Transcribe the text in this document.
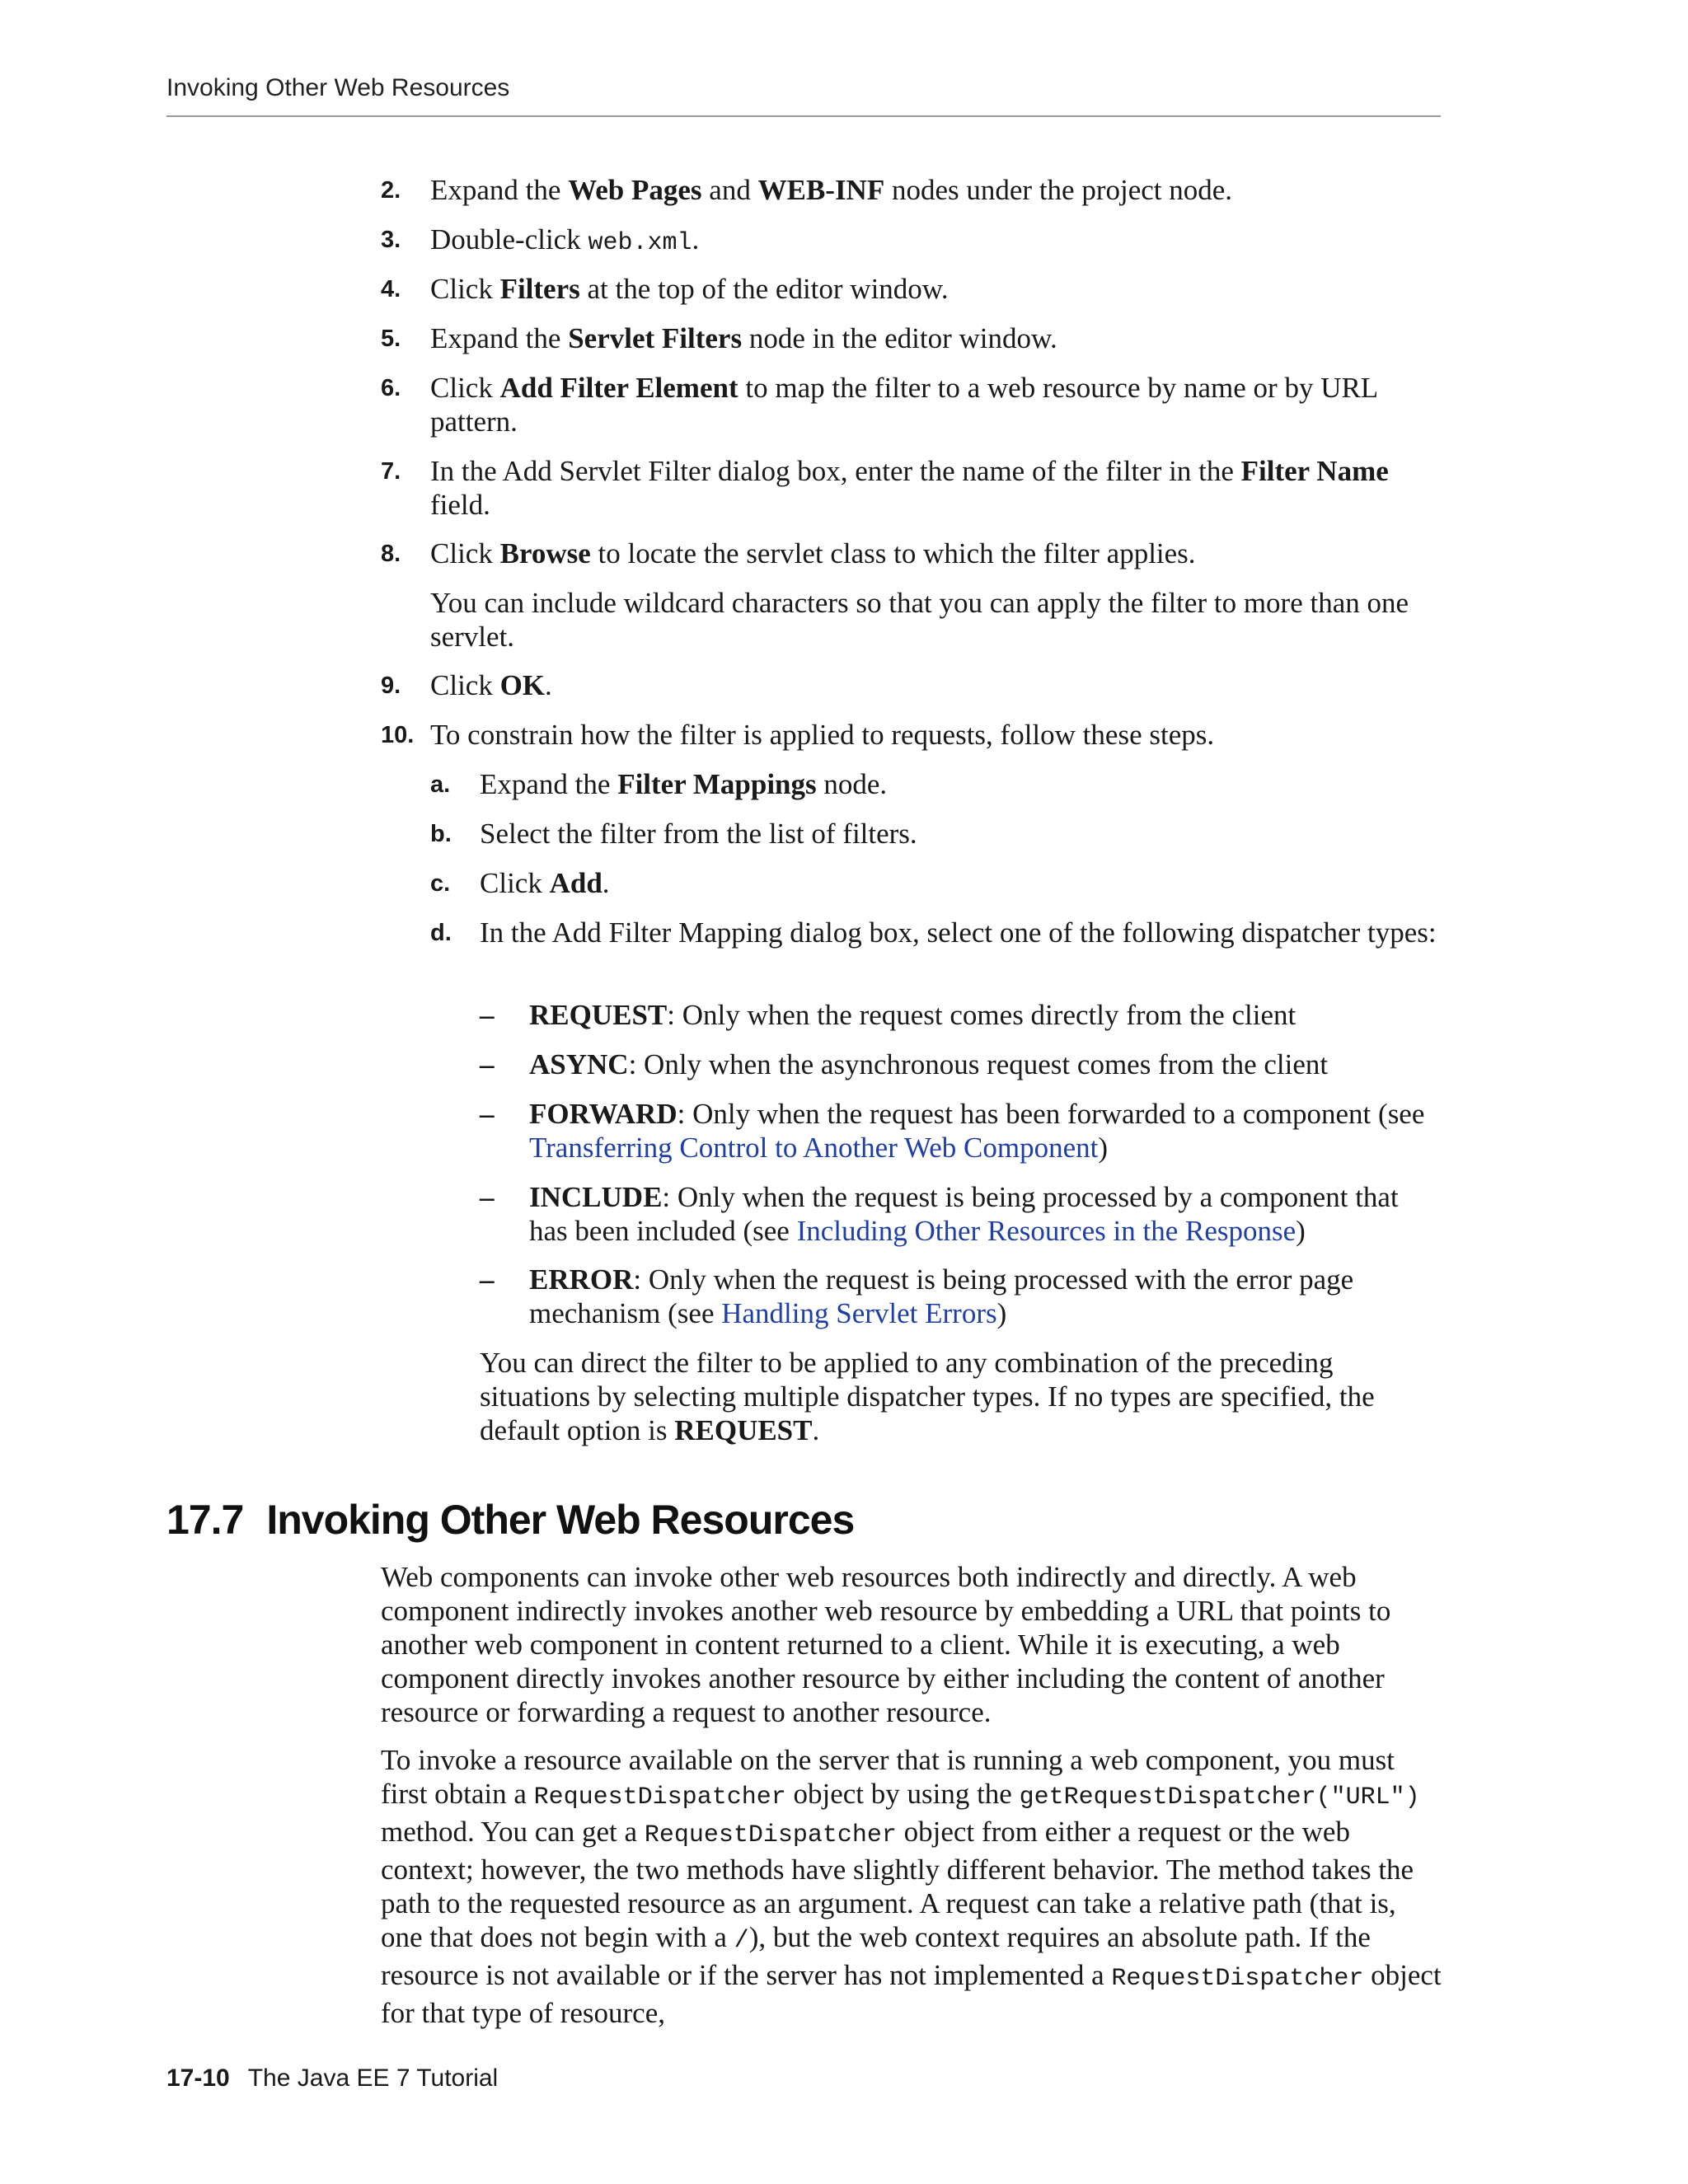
Invoking Other Web Resources
2. Expand the Web Pages and WEB-INF nodes under the project node.
3. Double-click web.xml.
4. Click Filters at the top of the editor window.
5. Expand the Servlet Filters node in the editor window.
6. Click Add Filter Element to map the filter to a web resource by name or by URL pattern.
7. In the Add Servlet Filter dialog box, enter the name of the filter in the Filter Name field.
8. Click Browse to locate the servlet class to which the filter applies.
You can include wildcard characters so that you can apply the filter to more than one servlet.
9. Click OK.
10. To constrain how the filter is applied to requests, follow these steps.
a. Expand the Filter Mappings node.
b. Select the filter from the list of filters.
c. Click Add.
d. In the Add Filter Mapping dialog box, select one of the following dispatcher types:
– REQUEST: Only when the request comes directly from the client
– ASYNC: Only when the asynchronous request comes from the client
– FORWARD: Only when the request has been forwarded to a component (see Transferring Control to Another Web Component)
– INCLUDE: Only when the request is being processed by a component that has been included (see Including Other Resources in the Response)
– ERROR: Only when the request is being processed with the error page mechanism (see Handling Servlet Errors)
You can direct the filter to be applied to any combination of the preceding situations by selecting multiple dispatcher types. If no types are specified, the default option is REQUEST.
17.7 Invoking Other Web Resources
Web components can invoke other web resources both indirectly and directly. A web component indirectly invokes another web resource by embedding a URL that points to another web component in content returned to a client. While it is executing, a web component directly invokes another resource by either including the content of another resource or forwarding a request to another resource.
To invoke a resource available on the server that is running a web component, you must first obtain a RequestDispatcher object by using the getRequestDispatcher("URL") method. You can get a RequestDispatcher object from either a request or the web context; however, the two methods have slightly different behavior. The method takes the path to the requested resource as an argument. A request can take a relative path (that is, one that does not begin with a /), but the web context requires an absolute path. If the resource is not available or if the server has not implemented a RequestDispatcher object for that type of resource,
17-10 The Java EE 7 Tutorial
